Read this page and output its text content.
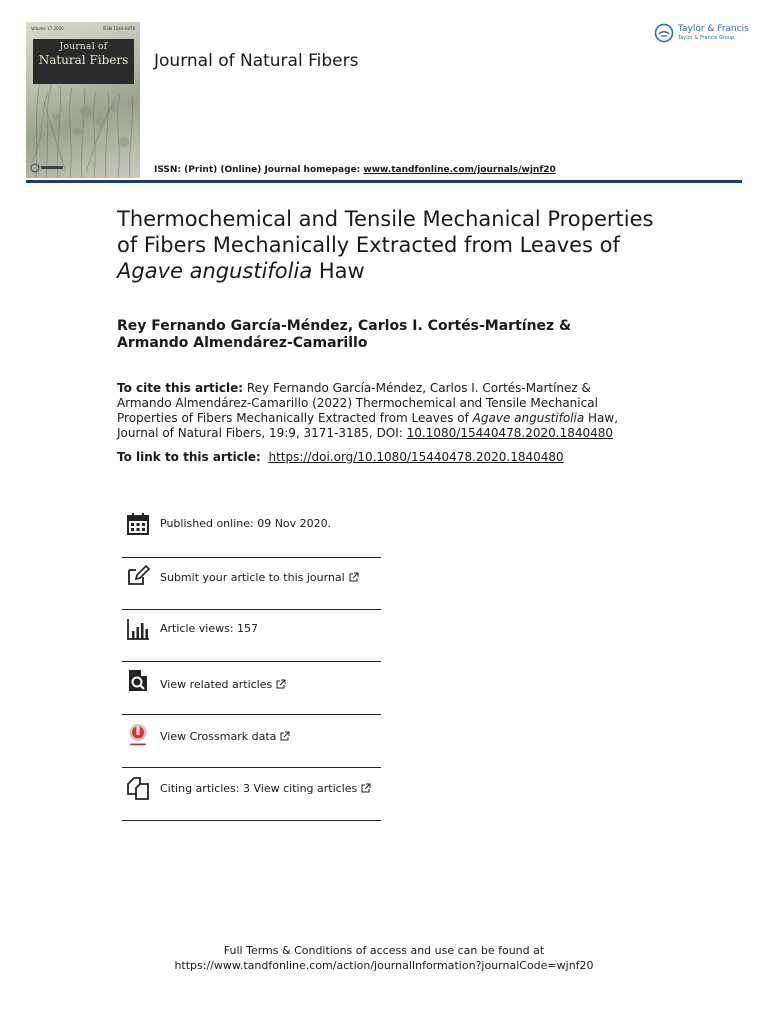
Volume 17 2020	ISSN 1544-0478
Journal of
Natural Fibers	Journal of Natural Fibers
Taylor & Francis
Taylor & Francis Group
ISSN: (Print) (Online) Journal homepage: www.tandfonline.com/journals/wjnf20
Thermochemical and Tensile Mechanical Properties of Fibers Mechanically Extracted from Leaves of Agave angustifolia Haw
Rey Fernando García-Méndez, Carlos I. Cortés-Martínez & Armando Almendárez-Camarillo
To cite this article: Rey Fernando García-Méndez, Carlos I. Cortés-Martínez & Armando Almendárez-Camarillo (2022) Thermochemical and Tensile Mechanical Properties of Fibers Mechanically Extracted from Leaves of Agave angustifolia Haw, Journal of Natural Fibers, 19:9, 3171-3185, DOI: 10.1080/15440478.2020.1840480
To link to this article: https://doi.org/10.1080/15440478.2020.1840480
Published online: 09 Nov 2020.
Submit your article to this journal
Article views: 157
View related articles
View Crossmark data
Citing articles: 3 View citing articles
Full Terms & Conditions of access and use can be found at
https://www.tandfonline.com/action/journalInformation?journalCode=wjnf20
